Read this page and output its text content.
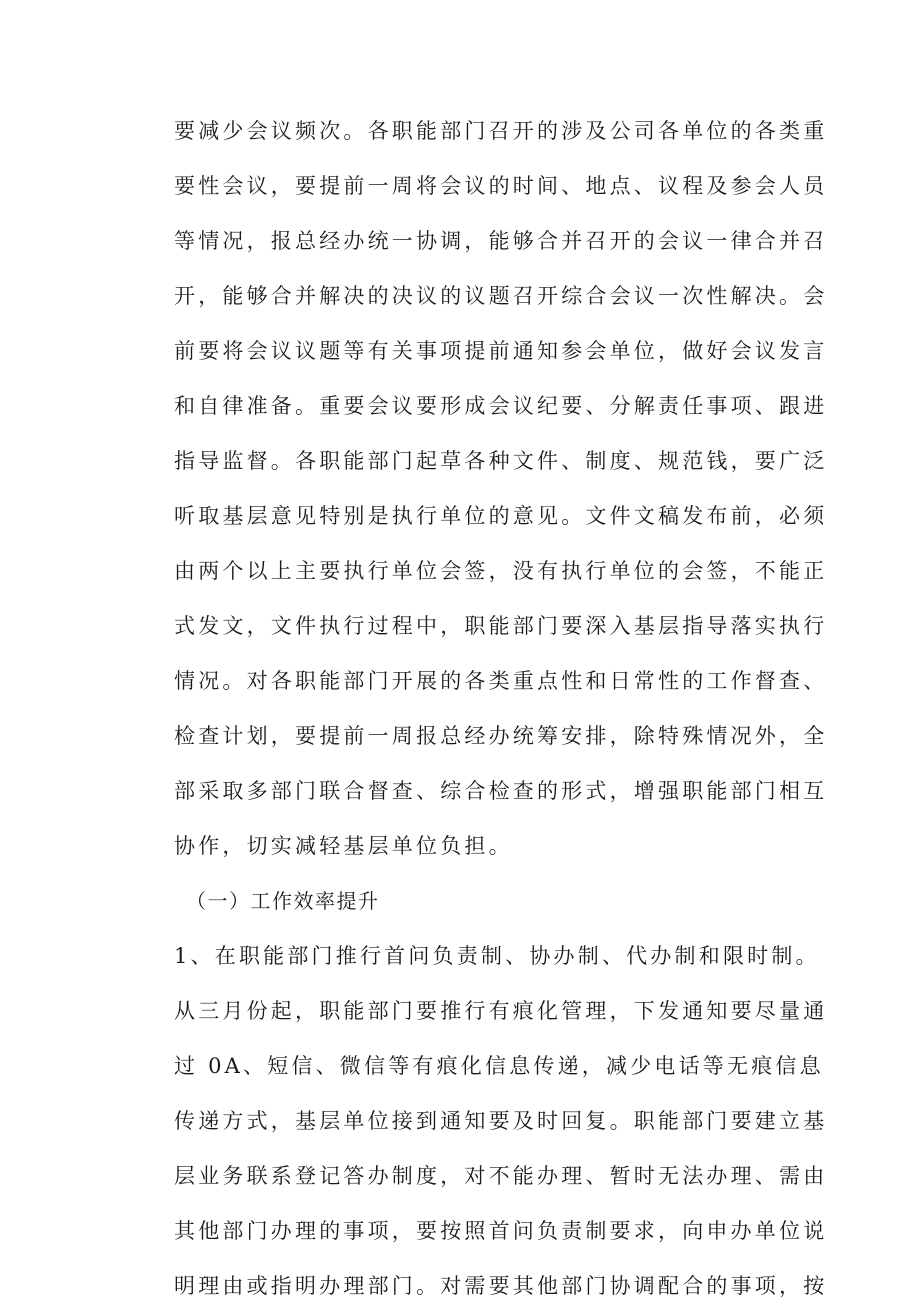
要减少会议频次。各职能部门召开的涉及公司各单位的各类重
要性会议，要提前一周将会议的时间、地点、议程及参会人员
等情况，报总经办统一协调，能够合并召开的会议一律合并召
开，能够合并解决的决议的议题召开综合会议一次性解决。会
前要将会议议题等有关事项提前通知参会单位，做好会议发言
和自律准备。重要会议要形成会议纪要、分解责任事项、跟进
指导监督。各职能部门起草各种文件、制度、规范钱，要广泛
听取基层意见特别是执行单位的意见。文件文稿发布前，必须
由两个以上主要执行单位会签，没有执行单位的会签，不能正
式发文，文件执行过程中，职能部门要深入基层指导落实执行
情况。对各职能部门开展的各类重点性和日常性的工作督查、
检查计划，要提前一周报总经办统筹安排，除特殊情况外，全
部采取多部门联合督查、综合检查的形式，增强职能部门相互
协作，切实减轻基层单位负担。
（一）工作效率提升
1、在职能部门推行首问负责制、协办制、代办制和限时制。
从三月份起，职能部门要推行有痕化管理，下发通知要尽量通
过 0A、短信、微信等有痕化信息传递，减少电话等无痕信息
传递方式，基层单位接到通知要及时回复。职能部门要建立基
层业务联系登记答办制度，对不能办理、暂时无法办理、需由
其他部门办理的事项，要按照首问负责制要求，向申办单位说
明理由或指明办理部门。对需要其他部门协调配合的事项，按
